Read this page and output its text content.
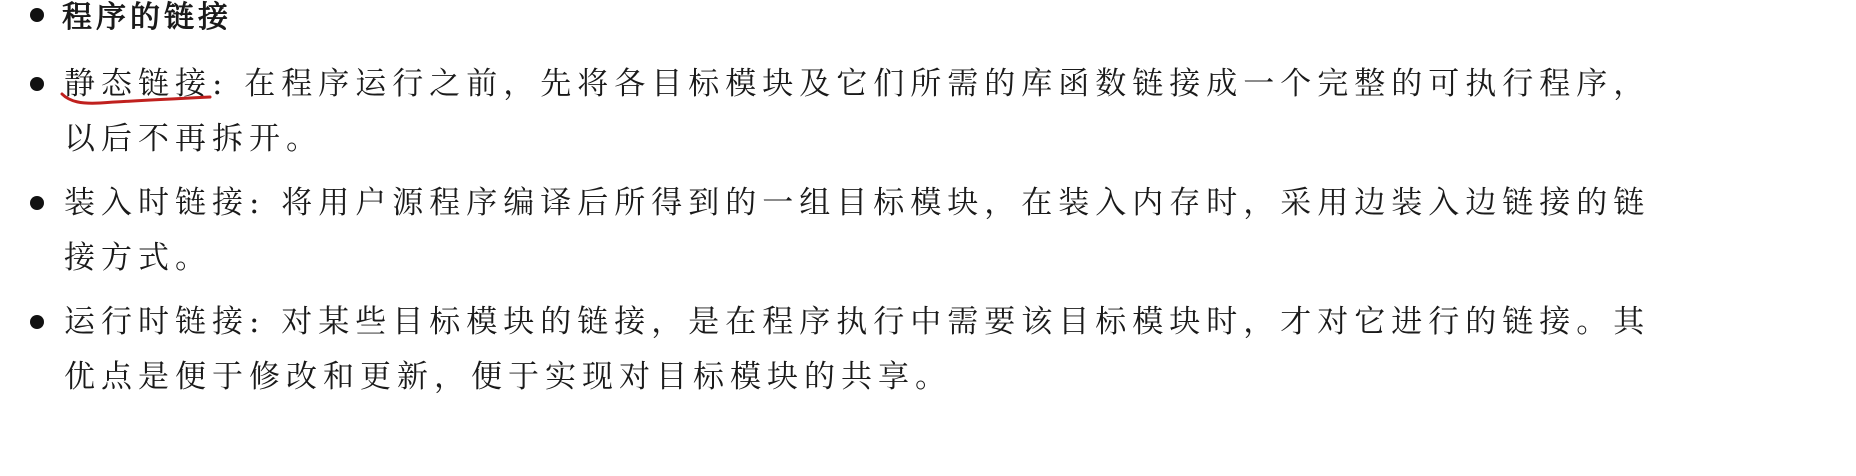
程序的链接
静态链接: 在程序运行之前，先将各目标模块及它们所需的库函数链接成一个完整的可执行程序，
以后不再拆开。
装入时链接: 将用户源程序编译后所得到的一组目标模块，在装入内存时，采用边装入边链接的链
接方式。
运行时链接: 对某些目标模块的链接，是在程序执行中需要该目标模块时，才对它进行的链接。其
优点是便于修改和更新，便于实现对目标模块的共享。
